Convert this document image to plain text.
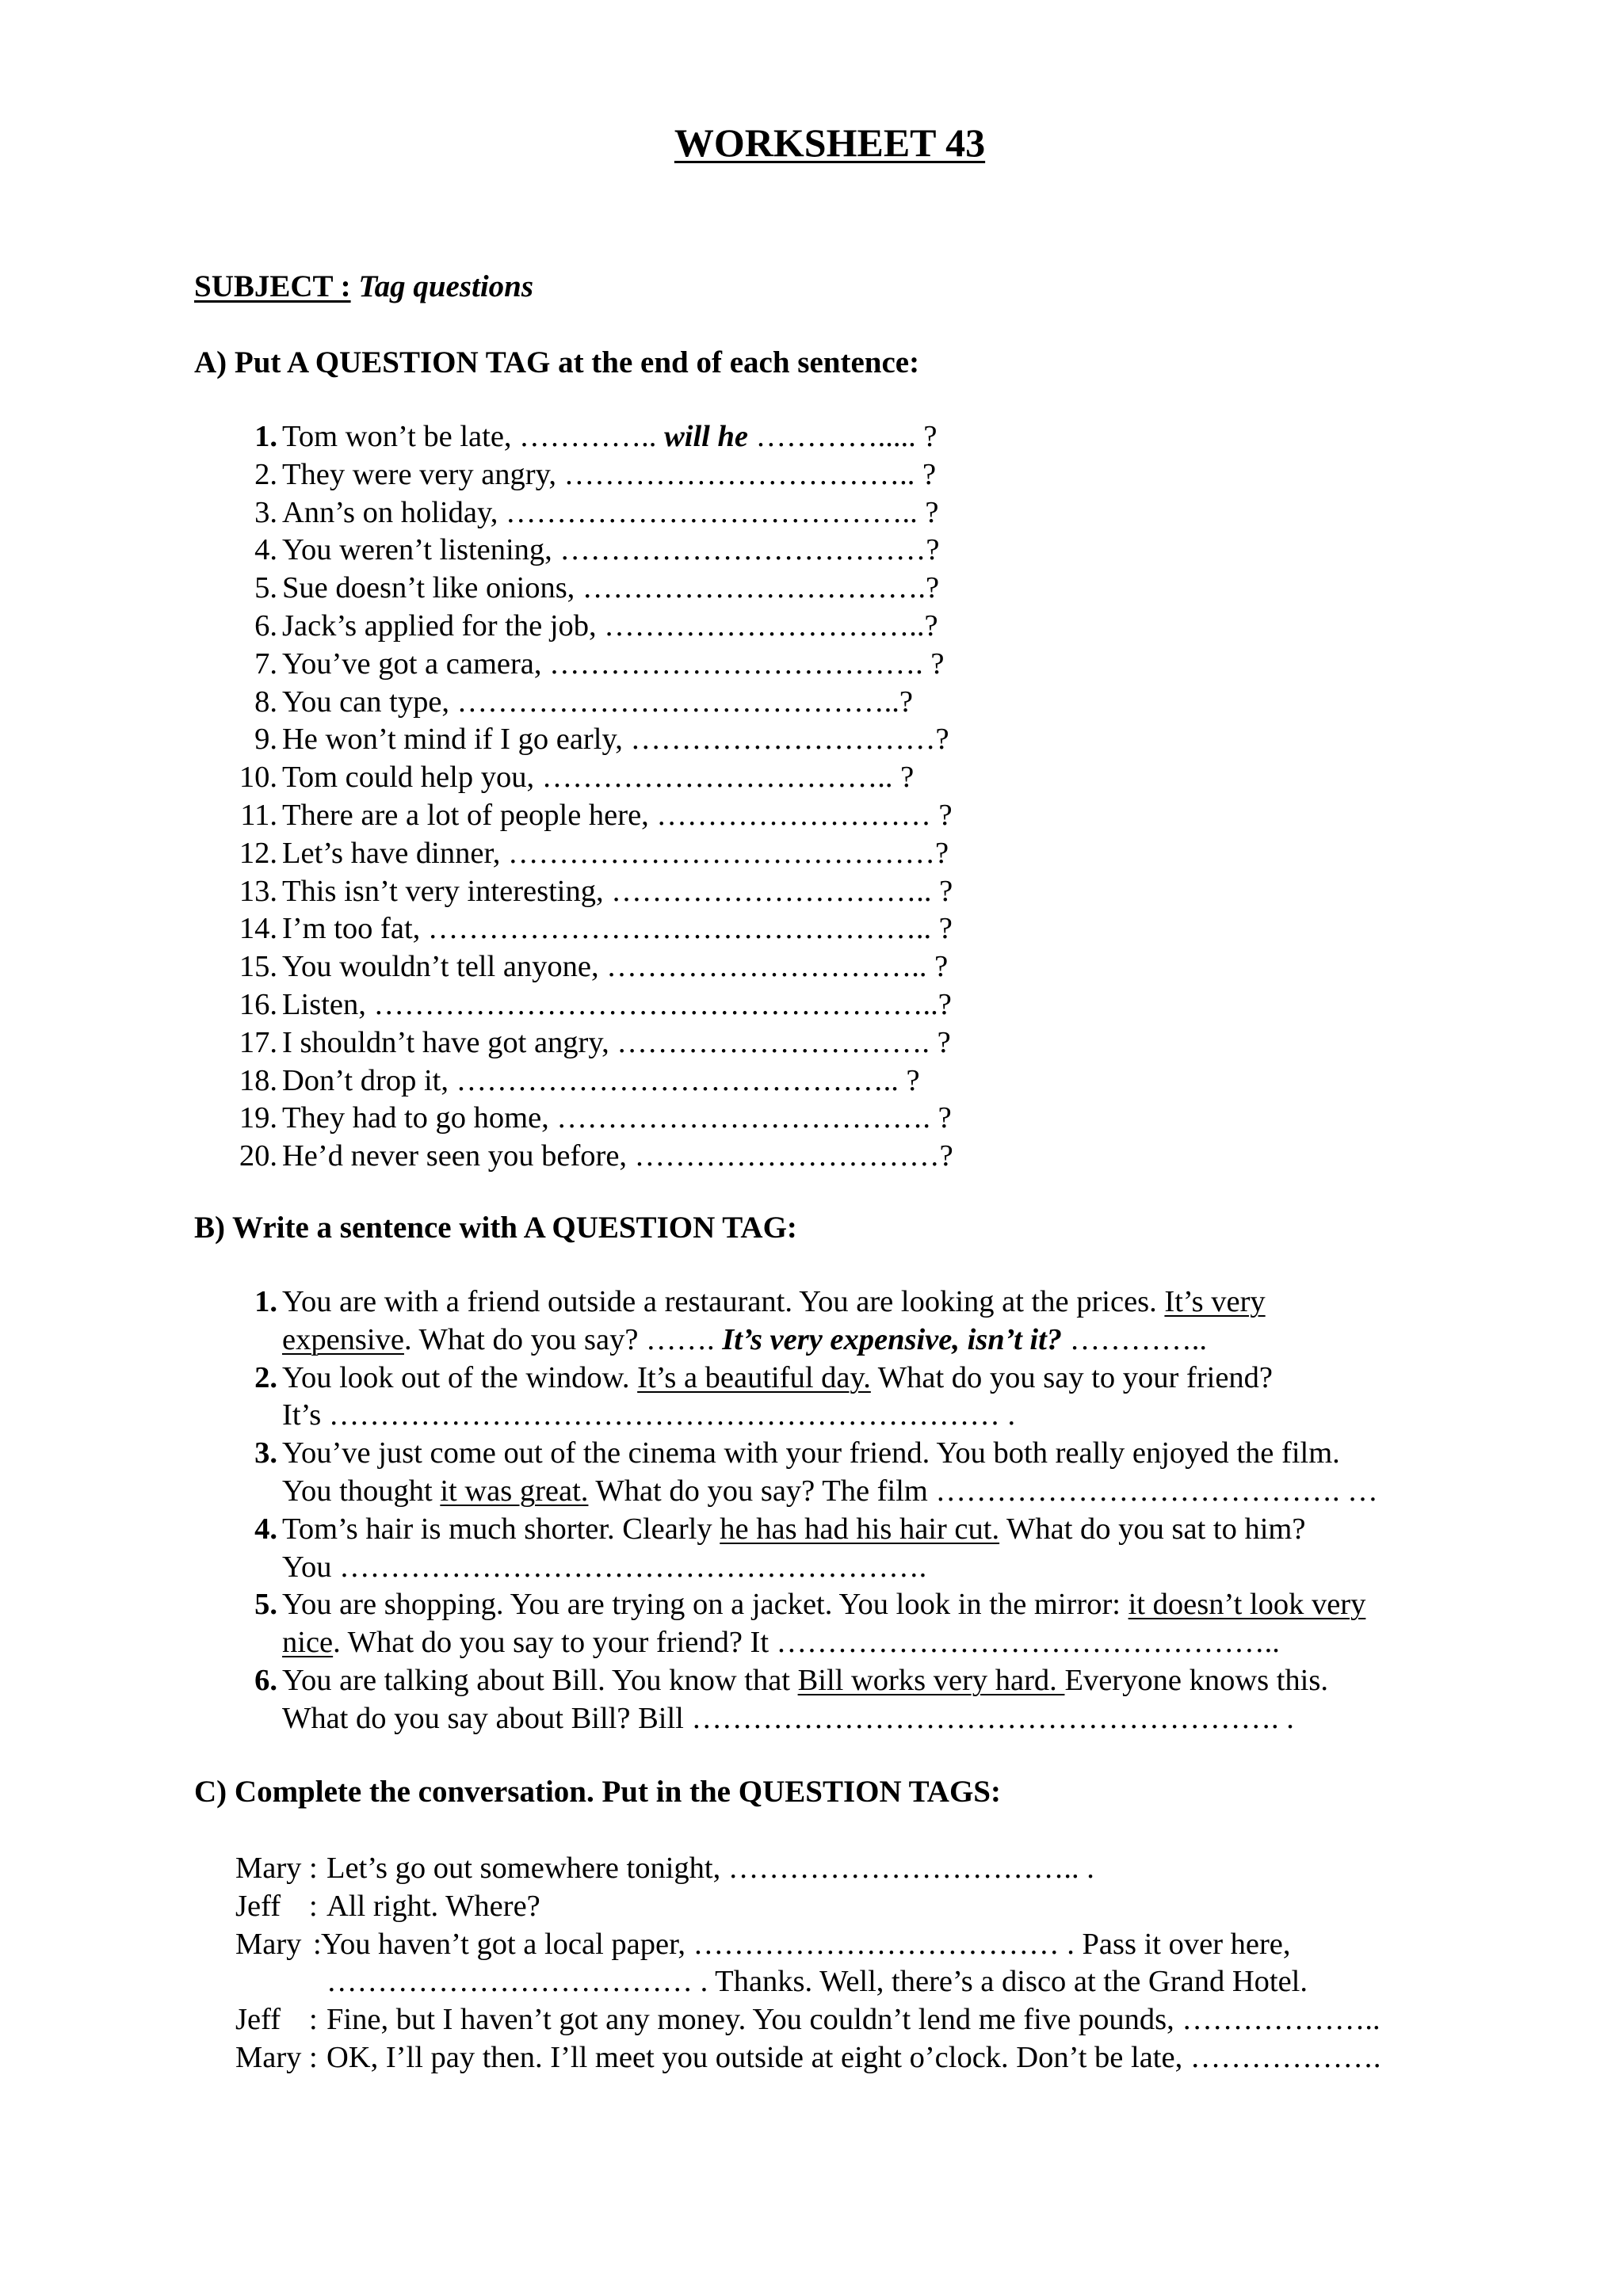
WORKSHEET 43
SUBJECT : Tag questions
A) Put A QUESTION TAG at the end of each sentence:
1. Tom won’t be late, ………….. will he …………..... ?
2. They were very angry, …………………………….. ?
3. Ann’s on holiday, ………………………………….. ?
4. You weren’t listening, ………………………………?
5. Sue doesn’t like onions, …………………………….?
6. Jack’s applied for the job, …………………………..?
7. You’ve got a camera, ………………………………. ?
8. You can type, ……………………………………..?
9. He won’t mind if I go early, …………………………?
10. Tom could help you, …………………………….. ?
11. There are a lot of people here, ……………………… ?
12. Let’s have dinner, ……………………………………?
13. This isn’t very interesting, ………………………….. ?
14. I’m too fat, ………………………………………….. ?
15. You wouldn’t tell anyone, ………………………….. ?
16. Listen, ………………………………………………..?
17. I shouldn’t have got angry, …………………………. ?
18. Don’t drop it, …………………………………….. ?
19. They had to go home, ………………………………. ?
20. He’d never seen you before, …………………………?
B) Write a sentence with A QUESTION TAG:
1. You are with a friend outside a restaurant. You are looking at the prices. It’s very
expensive. What do you say? ……. It’s very expensive, isn’t it? …………..
2. You look out of the window. It’s a beautiful day. What do you say to your friend?
It’s ………………………………………………………… .
3. You’ve just come out of the cinema with your friend. You both really enjoyed the film.
You thought it was great. What do you say? The film …………………………………. …
4. Tom’s hair is much shorter. Clearly he has had his hair cut. What do you sat to him?
You ………………………………………………….
5. You are shopping. You are trying on a jacket. You look in the mirror: it doesn’t look very
nice. What do you say to your friend? It …………………………………………..
6. You are talking about Bill. You know that Bill works very hard. Everyone knows this.
What do you say about Bill? Bill …………………………………………………. .
C) Complete the conversation. Put in the QUESTION TAGS:
Mary : Let’s go out somewhere tonight, …………………………….. .
Jeff : All right. Where?
Mary : You haven’t got a local paper, ……………………………… . Pass it over here,
……………………………… . Thanks. Well, there’s a disco at the Grand Hotel.
Jeff : Fine, but I haven’t got any money. You couldn’t lend me five pounds, ………………..
Mary : OK, I’ll pay then. I’ll meet you outside at eight o’clock. Don’t be late, ……………….
